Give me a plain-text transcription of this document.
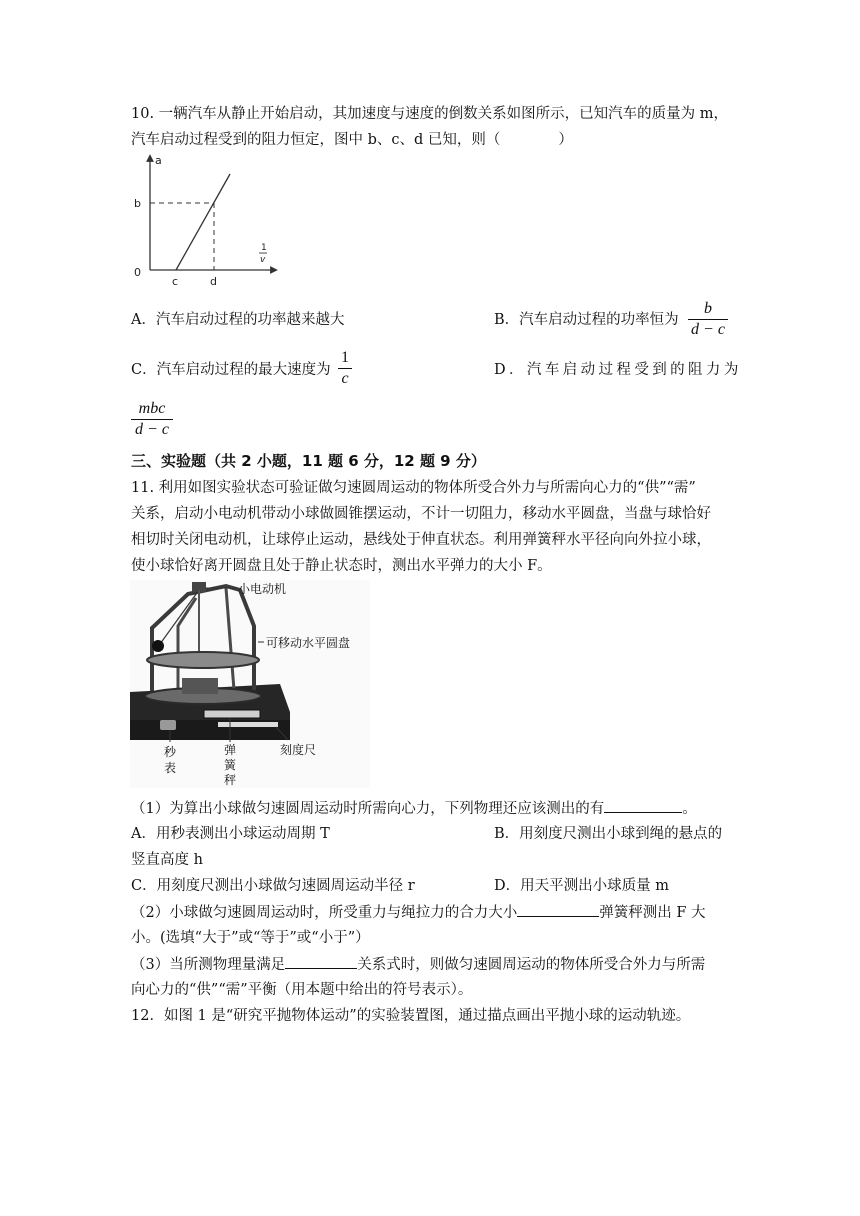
10. 一辆汽车从静止开始启动，其加速度与速度的倒数关系如图所示，已知汽车的质量为 m，
汽车启动过程受到的阻力恒定，图中 b、c、d 已知，则（　　　　）
a
b
0
c	d
1
v
A．汽车启动过程的功率越来越大	B．汽车启动过程的功率恒为
b
d − c
C．汽车启动过程的最大速度为
1
c	D．汽车启动过程受到的阻力为
mbc
d − c
三、实验题（共 2 小题，11 题 6 分，12 题 9 分）
11. 利用如图实验状态可验证做匀速圆周运动的物体所受合外力与所需向心力的“供”“需”
关系，启动小电动机带动小球做圆锥摆运动，不计一切阻力，移动水平圆盘，当盘与球恰好
相切时关闭电动机，让球停止运动，悬线处于伸直状态。利用弹簧秤水平径向向外拉小球，
使小球恰好离开圆盘且处于静止状态时，测出水平弹力的大小 F。
小电动机
可移动水平圆盘
秒
表
弹
簧
秤
刻度尺
（1）为算出小球做匀速圆周运动时所需向心力，下列物理还应该测出的有	。
A．用秒表测出小球运动周期 T	B．用刻度尺测出小球到绳的悬点的
竖直高度 h
C．用刻度尺测出小球做匀速圆周运动半径 r	D．用天平测出小球质量 m
（2）小球做匀速圆周运动时，所受重力与绳拉力的合力大小	弹簧秤测出 F 大
小。(选填“大于”或“等于”或“小于”）
（3）当所测物理量满足	关系式时，则做匀速圆周运动的物体所受合外力与所需
向心力的“供”“需”平衡（用本题中给出的符号表示）。
12．如图 1 是“研究平抛物体运动”的实验装置图，通过描点画出平抛小球的运动轨迹。
